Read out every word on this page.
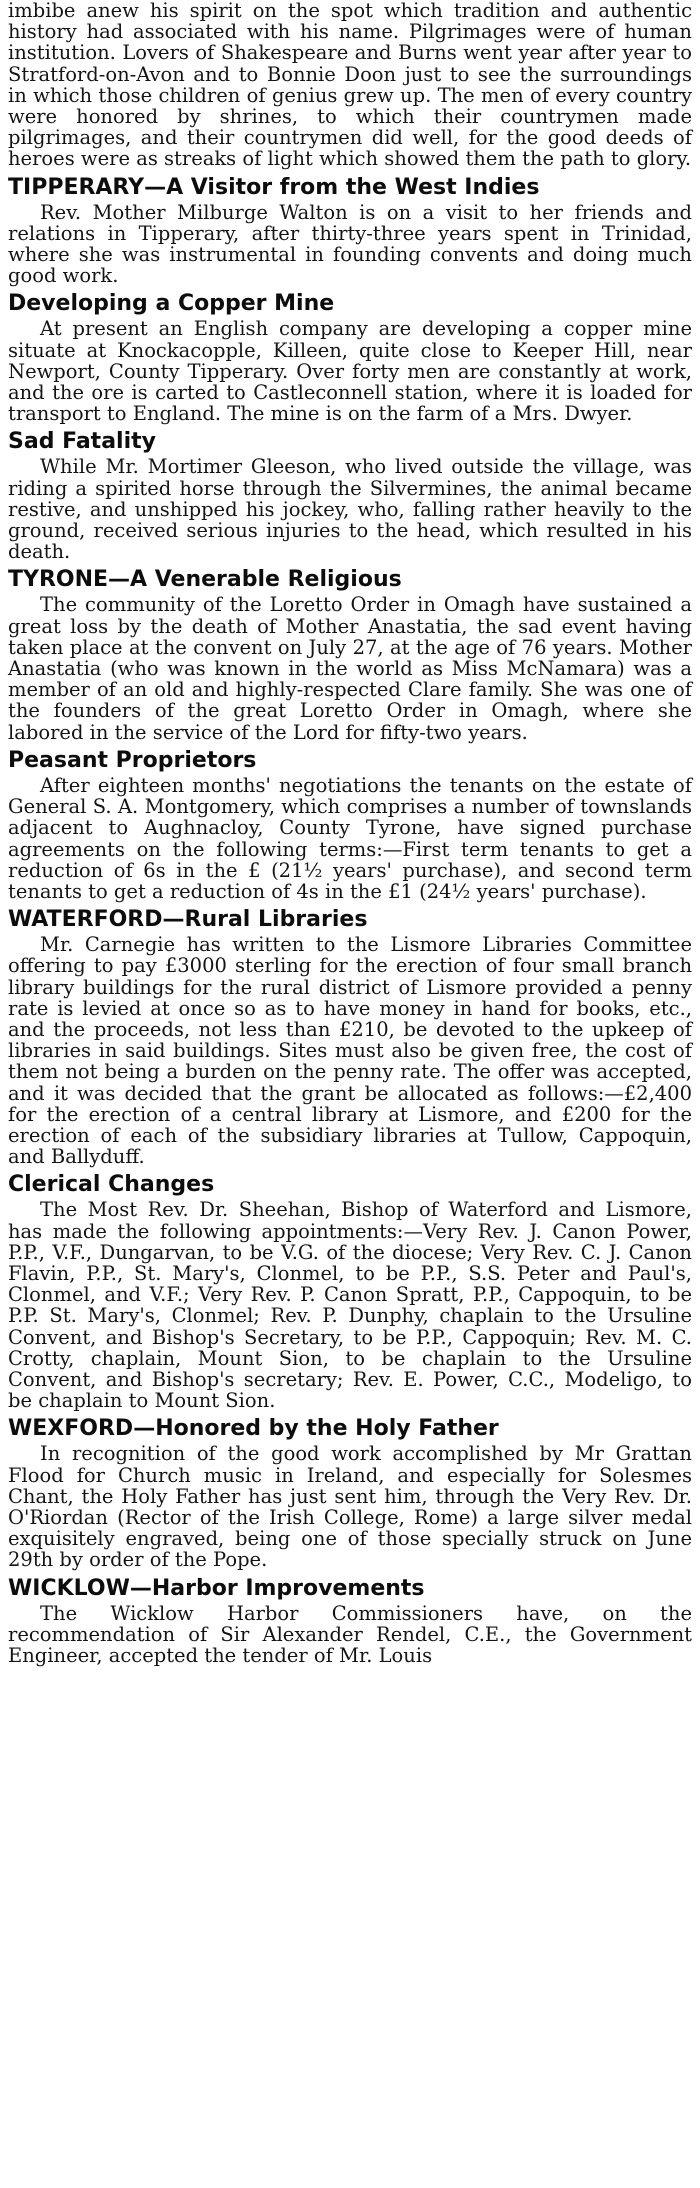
imbibe anew his spirit on the spot which tradition and authentic history had associated with his name. Pilgrimages were of human institution. Lovers of Shakespeare and Burns went year after year to Stratford-on-Avon and to Bonnie Doon just to see the surroundings in which those children of genius grew up. The men of every country were honored by shrines, to which their countrymen made pilgrimages, and their countrymen did well, for the good deeds of heroes were as streaks of light which showed them the path to glory.

TIPPERARY—A Visitor from the West Indies

Rev. Mother Milburge Walton is on a visit to her friends and relations in Tipperary, after thirty-three years spent in Trinidad, where she was instrumental in founding convents and doing much good work.

Developing a Copper Mine

At present an English company are developing a copper mine situate at Knockacopple, Killeen, quite close to Keeper Hill, near Newport, County Tipperary. Over forty men are constantly at work, and the ore is carted to Castleconnell station, where it is loaded for transport to England. The mine is on the farm of a Mrs. Dwyer.

Sad Fatality

While Mr. Mortimer Gleeson, who lived outside the village, was riding a spirited horse through the Silvermines, the animal became restive, and unshipped his jockey, who, falling rather heavily to the ground, received serious injuries to the head, which resulted in his death.

TYRONE—A Venerable Religious

The community of the Loretto Order in Omagh have sustained a great loss by the death of Mother Anastatia, the sad event having taken place at the convent on July 27, at the age of 76 years. Mother Anastatia (who was known in the world as Miss McNamara) was a member of an old and highly-respected Clare family. She was one of the founders of the great Loretto Order in Omagh, where she labored in the service of the Lord for fifty-two years.

Peasant Proprietors

After eighteen months' negotiations the tenants on the estate of General S. A. Montgomery, which comprises a number of townslands adjacent to Aughnacloy, County Tyrone, have signed purchase agreements on the following terms:—First term tenants to get a reduction of 6s in the £ (21½ years' purchase), and second term tenants to get a reduction of 4s in the £1 (24½ years' purchase).

WATERFORD—Rural Libraries

Mr. Carnegie has written to the Lismore Libraries Committee offering to pay £3000 sterling for the erection of four small branch library buildings for the rural district of Lismore provided a penny rate is levied at once so as to have money in hand for books, etc., and the proceeds, not less than £210, be devoted to the upkeep of libraries in said buildings. Sites must also be given free, the cost of them not being a burden on the penny rate. The offer was accepted, and it was decided that the grant be allocated as follows:—£2,400 for the erection of a central library at Lismore, and £200 for the erection of each of the subsidiary libraries at Tullow, Cappoquin, and Ballyduff.

Clerical Changes

The Most Rev. Dr. Sheehan, Bishop of Waterford and Lismore, has made the following appointments:—Very Rev. J. Canon Power, P.P., V.F., Dungarvan, to be V.G. of the diocese; Very Rev. C. J. Canon Flavin, P.P., St. Mary's, Clonmel, to be P.P., S.S. Peter and Paul's, Clonmel, and V.F.; Very Rev. P. Canon Spratt, P.P., Cappoquin, to be P.P. St. Mary's, Clonmel; Rev. P. Dunphy, chaplain to the Ursuline Convent, and Bishop's Secretary, to be P.P., Cappoquin; Rev. M. C. Crotty, chaplain, Mount Sion, to be chaplain to the Ursuline Convent, and Bishop's secretary; Rev. E. Power, C.C., Modeligo, to be chaplain to Mount Sion.

WEXFORD—Honored by the Holy Father

In recognition of the good work accomplished by Mr Grattan Flood for Church music in Ireland, and especially for Solesmes Chant, the Holy Father has just sent him, through the Very Rev. Dr. O'Riordan (Rector of the Irish College, Rome) a large silver medal exquisitely engraved, being one of those specially struck on June 29th by order of the Pope.

WICKLOW—Harbor Improvements

The Wicklow Harbor Commissioners have, on the recommendation of Sir Alexander Rendel, C.E., the Government Engineer, accepted the tender of Mr. Louis
